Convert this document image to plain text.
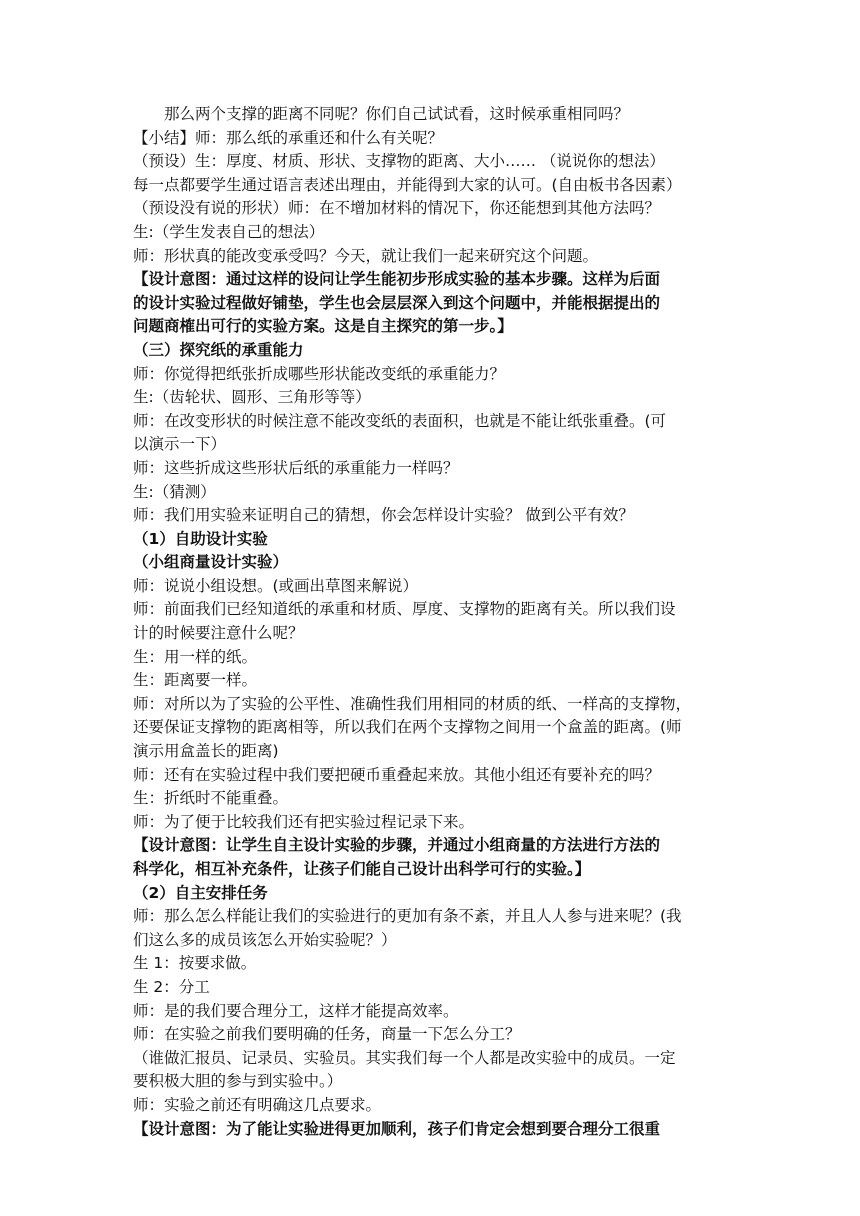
那么两个支撑的距离不同呢？你们自己试试看，这时候承重相同吗？
【小结】师：那么纸的承重还和什么有关呢？
（预设）生：厚度、材质、形状、支撑物的距离、大小…… （说说你的想法）
每一点都要学生通过语言表述出理由，并能得到大家的认可。(自由板书各因素）
（预设没有说的形状）师：在不增加材料的情况下，你还能想到其他方法吗？
生:（学生发表自己的想法）
师：形状真的能改变承受吗？今天，就让我们一起来研究这个问题。
【设计意图：通过这样的设问让学生能初步形成实验的基本步骤。这样为后面
的设计实验过程做好铺垫，学生也会层层深入到这个问题中，并能根据提出的
问题商榷出可行的实验方案。这是自主探究的第一步。】
（三）探究纸的承重能力
师：你觉得把纸张折成哪些形状能改变纸的承重能力？
生:（齿轮状、圆形、三角形等等）
师：在改变形状的时候注意不能改变纸的表面积，也就是不能让纸张重叠。(可
以演示一下）
师：这些折成这些形状后纸的承重能力一样吗？
生:（猜测）
师：我们用实验来证明自己的猜想，你会怎样设计实验？ 做到公平有效？
（1）自助设计实验
（小组商量设计实验）
师：说说小组设想。(或画出草图来解说）
师：前面我们已经知道纸的承重和材质、厚度、支撑物的距离有关。所以我们设
计的时候要注意什么呢？
生：用一样的纸。
生：距离要一样。
师：对所以为了实验的公平性、准确性我们用相同的材质的纸、一样高的支撑物，
还要保证支撑物的距离相等，所以我们在两个支撑物之间用一个盒盖的距离。(师
演示用盒盖长的距离)
师：还有在实验过程中我们要把硬币重叠起来放。其他小组还有要补充的吗？
生：折纸时不能重叠。
师：为了便于比较我们还有把实验过程记录下来。
【设计意图：让学生自主设计实验的步骤，并通过小组商量的方法进行方法的
科学化，相互补充条件，让孩子们能自己设计出科学可行的实验。】
（2）自主安排任务
师：那么怎么样能让我们的实验进行的更加有条不紊，并且人人参与进来呢？(我
们这么多的成员该怎么开始实验呢？）
生 1：按要求做。
生 2：分工
师：是的我们要合理分工，这样才能提高效率。
师：在实验之前我们要明确的任务，商量一下怎么分工？
（谁做汇报员、记录员、实验员。其实我们每一个人都是改实验中的成员。一定
要积极大胆的参与到实验中。）
师：实验之前还有明确这几点要求。
【设计意图：为了能让实验进得更加顺利，孩子们肯定会想到要合理分工很重
